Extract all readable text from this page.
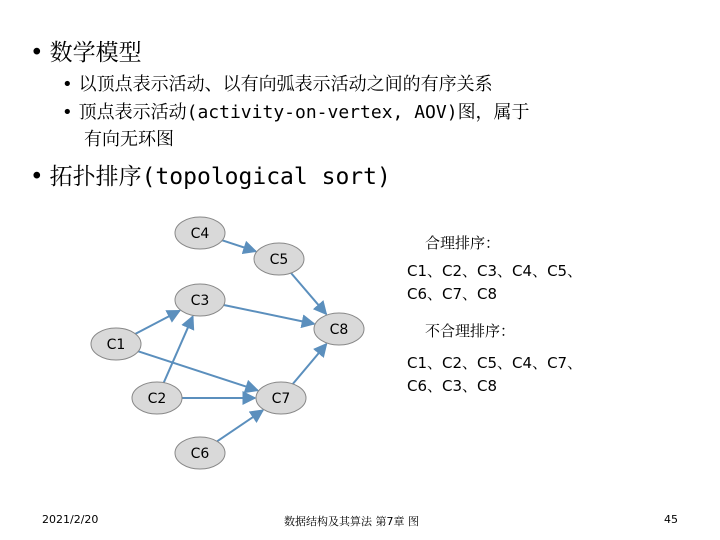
• 数学模型
• 以顶点表示活动、以有向弧表示活动之间的有序关系
• 顶点表示活动(activity-on-vertex, AOV)图，属于
有向无环图
• 拓扑排序(topological sort)
C4
C5
C3
C8
C1
C2	C7
C6
合理排序：
C1、C2、C3、C4、C5、
C6、C7、C8
不合理排序：
C1、C2、C5、C4、C7、
C6、C3、C8
2021/2/20	数据结构及其算法 第7章 图	45
